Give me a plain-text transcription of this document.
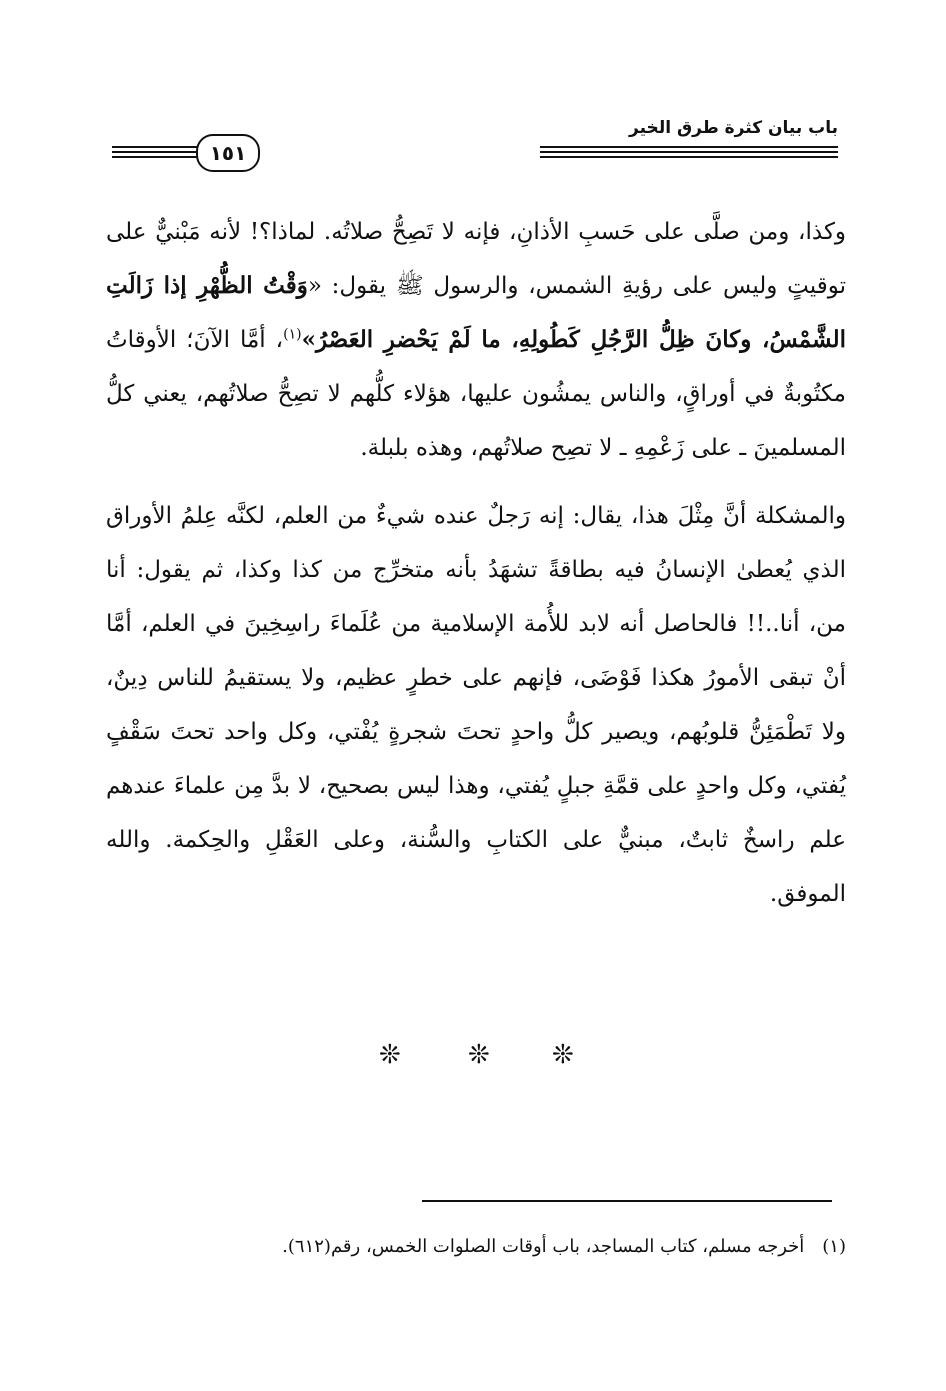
باب بيان كثرة طرق الخير
١٥١

وكذا، ومن صلَّى على حَسبِ الأذانِ، فإنه لا تَصِحُّ صلاتُه. لماذا؟! لأنه مَبْنيٌّ على توقيتٍ وليس على رؤيةِ الشمس، والرسول ﷺ يقول: «وَقْتُ الظُّهْرِ إذا زَالَتِ الشَّمْسُ، وكانَ ظِلُّ الرَّجُلِ كَطُولِهِ، ما لَمْ يَحْضرِ العَصْرُ»$^{(١)}$، أمَّا الآنَ؛ الأوقاتُ مكتُوبةٌ في أوراقٍ، والناس يمشُون عليها، هؤلاء كلُّهم لا تصِحُّ صلاتُهم، يعني كلُّ المسلمينَ ـ على زَعْمِهِ ـ لا تصِح صلاتُهم، وهذه بلبلة.

والمشكلة أنَّ مِثْلَ هذا، يقال: إنه رَجلٌ عنده شيءٌ من العلم، لكنَّه عِلمُ الأوراق الذي يُعطىٰ الإنسانُ فيه بطاقةً تشهَدُ بأنه متخرِّج من كذا وكذا، ثم يقول: أنا من، أنا..!! فالحاصل أنه لابد للأُمة الإسلامية من عُلَماءَ راسِخِينَ في العلم، أمَّا أنْ تبقى الأمورُ هكذا فَوْضَى، فإنهم على خطرٍ عظيم، ولا يستقيمُ للناس دِينٌ، ولا تَطْمَئِنُّ قلوبُهم، ويصير كلُّ واحدٍ تحتَ شجرةٍ يُفْتي، وكل واحد تحتَ سَقْفٍ يُفتي، وكل واحدٍ على قمَّةِ جبلٍ يُفتي، وهذا ليس بصحيح، لا بدَّ مِن علماءَ عندهم علم راسخٌ ثابتٌ، مبنيٌّ على الكتابِ والسُّنة، وعلى العَقْلِ والحِكمة. والله الموفق.

❊	❊ ❊
(١)أخرجه مسلم، كتاب المساجد، باب أوقات الصلوات الخمس، رقم(٦١٢).
